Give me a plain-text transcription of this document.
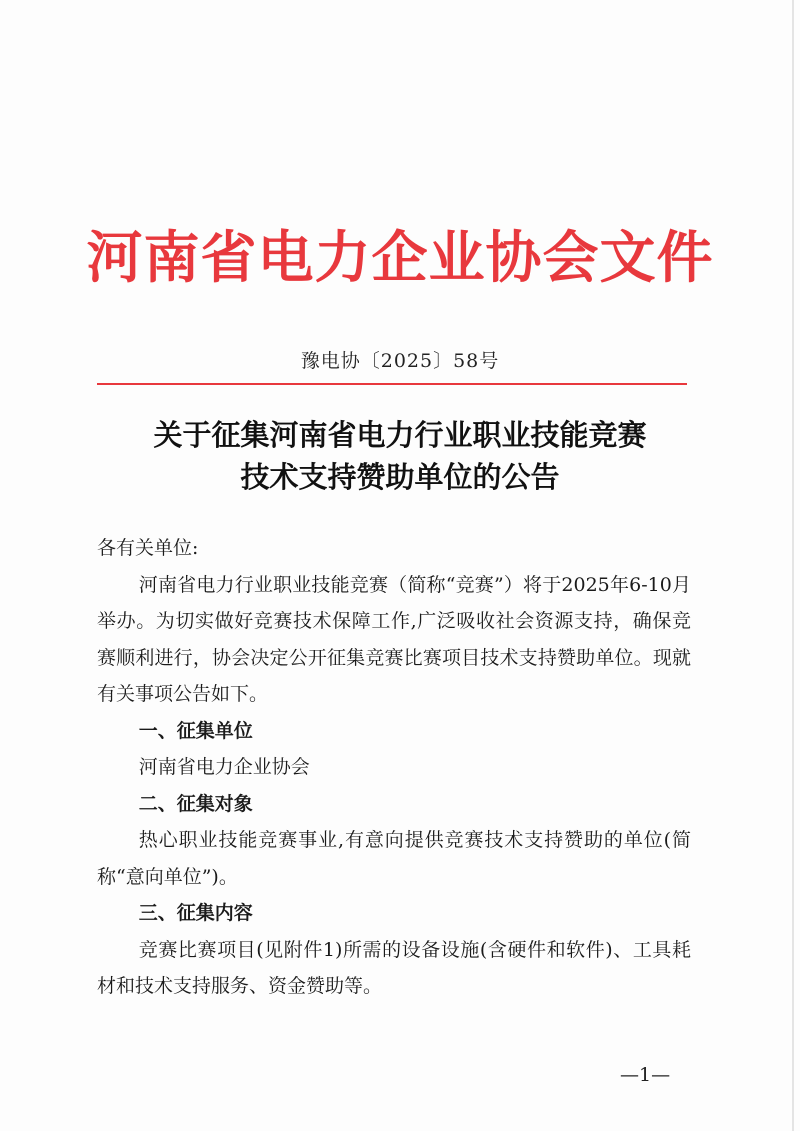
河南省电力企业协会文件
豫电协〔2025〕58号
关于征集河南省电力行业职业技能竞赛
技术支持赞助单位的公告

各有关单位:

河南省电力行业职业技能竞赛（简称“竞赛”）将于2025年6-10月举办。为切实做好竞赛技术保障工作,广泛吸收社会资源支持，确保竞赛顺利进行，协会决定公开征集竞赛比赛项目技术支持赞助单位。现就有关事项公告如下。

一、征集单位

河南省电力企业协会

二、征集对象

热心职业技能竞赛事业,有意向提供竞赛技术支持赞助的单位(简称“意向单位”)。

三、征集内容

竞赛比赛项目(见附件1)所需的设备设施(含硬件和软件)、工具耗材和技术支持服务、资金赞助等。

—1—
